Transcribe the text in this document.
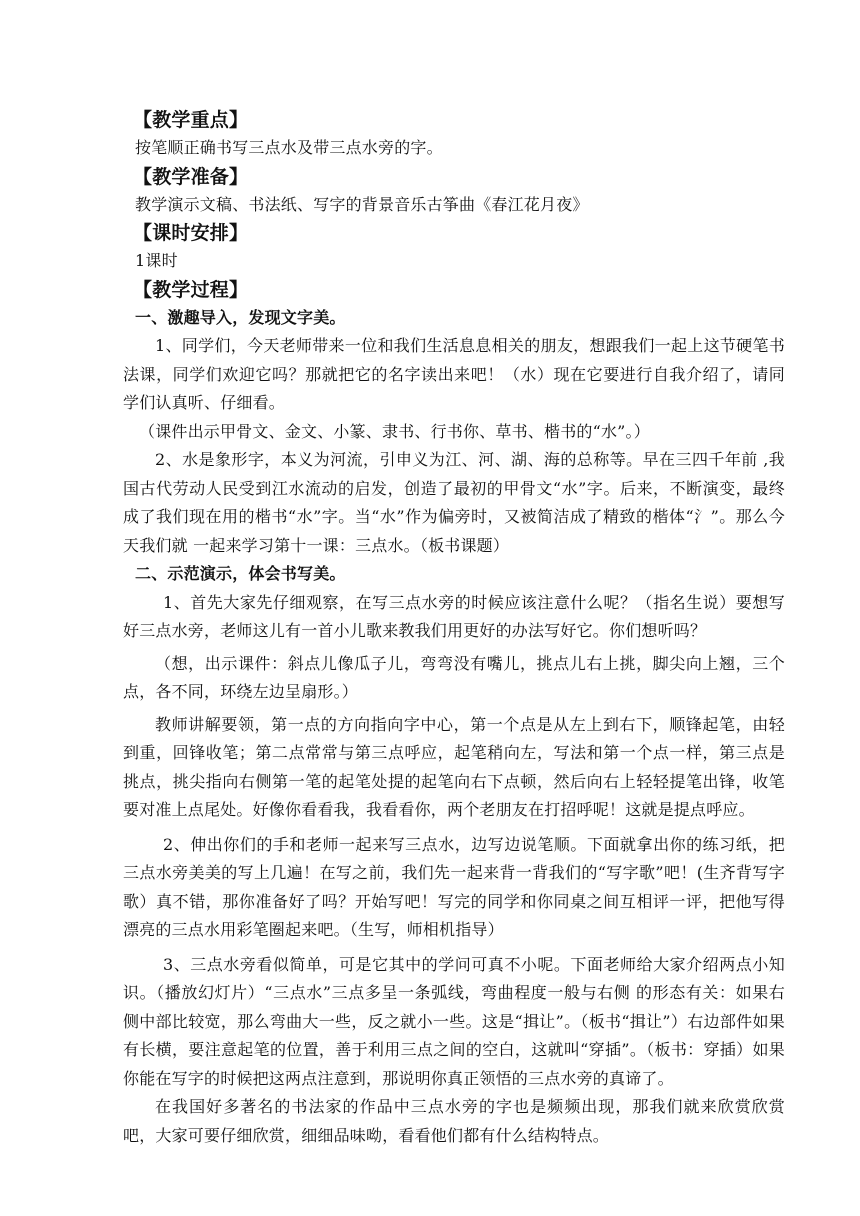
【教学重点】

按笔顺正确书写三点水及带三点水旁的字。

【教学准备】

教学演示文稿、书法纸、写字的背景音乐古筝曲《春江花月夜》

【课时安排】

1课时

【教学过程】

一、激趣导入，发现文字美。

1、同学们，今天老师带来一位和我们生活息息相关的朋友，想跟我们一起上这节硬笔书法课，同学们欢迎它吗？那就把它的名字读出来吧！（水）现在它要进行自我介绍了，请同学们认真听、仔细看。

（课件出示甲骨文、金文、小篆、隶书、行书你、草书、楷书的“水”。）

2、水是象形字，本义为河流，引申义为江、河、湖、海的总称等。早在三四千年前 ,我国古代劳动人民受到江水流动的启发，创造了最初的甲骨文“水”字。后来，不断演变，最终成了我们现在用的楷书“水”字。当“水”作为偏旁时，又被简洁成了精致的楷体“氵”。那么今天我们就 一起来学习第十一课：三点水。（板书课题）

二、示范演示，体会书写美。

1、首先大家先仔细观察，在写三点水旁的时候应该注意什么呢？（指名生说）要想写好三点水旁，老师这儿有一首小儿歌来教我们用更好的办法写好它。你们想听吗？

（想，出示课件：斜点儿像瓜子儿，弯弯没有嘴儿，挑点儿右上挑，脚尖向上翘，三个点，各不同，环绕左边呈扇形。）

教师讲解要领，第一点的方向指向字中心，第一个点是从左上到右下，顺锋起笔，由轻到重，回锋收笔；第二点常常与第三点呼应，起笔稍向左，写法和第一个点一样，第三点是挑点，挑尖指向右侧第一笔的起笔处提的起笔向右下点顿，然后向右上轻轻提笔出锋，收笔要对准上点尾处。好像你看看我，我看看你，两个老朋友在打招呼呢！这就是提点呼应。

2、伸出你们的手和老师一起来写三点水，边写边说笔顺。下面就拿出你的练习纸，把三点水旁美美的写上几遍！在写之前，我们先一起来背一背我们的“写字歌”吧！(生齐背写字歌）真不错，那你准备好了吗？开始写吧！写完的同学和你同桌之间互相评一评，把他写得漂亮的三点水用彩笔圈起来吧。（生写，师相机指导）

3、三点水旁看似简单，可是它其中的学问可真不小呢。下面老师给大家介绍两点小知识。（播放幻灯片）“三点水”三点多呈一条弧线，弯曲程度一般与右侧 的形态有关：如果右侧中部比较宽，那么弯曲大一些，反之就小一些。这是“揖让”。（板书“揖让”）右边部件如果有长横，要注意起笔的位置，善于利用三点之间的空白，这就叫“穿插”。（板书：穿插）如果你能在写字的时候把这两点注意到，那说明你真正领悟的三点水旁的真谛了。

在我国好多著名的书法家的作品中三点水旁的字也是频频出现，那我们就来欣赏欣赏吧，大家可要仔细欣赏，细细品味呦，看看他们都有什么结构特点。
